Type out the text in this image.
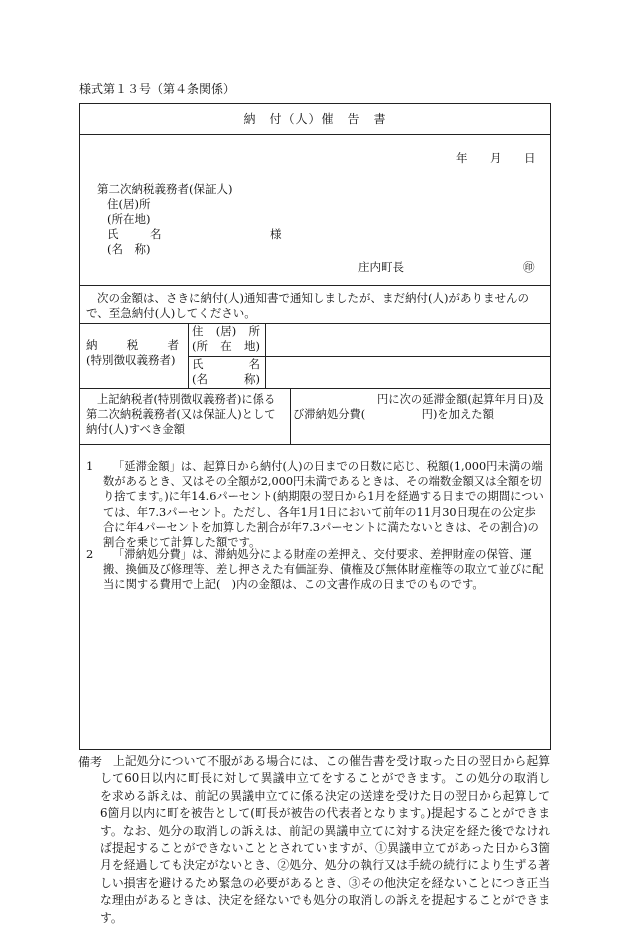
様式第１３号（第４条関係）
納　付（人）催　告　書
年 月 日
第二次納税義務者(保証人)
住(居)所
(所在地)
氏	名	様
(名　称)
庄内町長	㊞
次の金額は、さきに納付(人)通知書で通知しましたが、まだ納付(人)がありませんので、至急納付(人)してください。
納	税	者
(特別徴収義務者)
住 (居) 所
(所 在 地)
氏	名
(名	称)
上記納税者(特別徴収義務者)に係る第二次納税義務者(又は保証人)として納付(人)すべき金額
円に次の延滞金額(起算年月日)及び滞納処分費(　　　　　円)を加えた額
1	「延滞金額」は、起算日から納付(人)の日までの日数に応じ、税額(1,000円未満の端数があるとき、又はその全額が2,000円未満であるときは、その端数金額又は全額を切り捨てます。)に年14.6パーセント(納期限の翌日から1月を経過する日までの期間については、年7.3パーセント。ただし、各年1月1日において前年の11月30日現在の公定歩合に年4パーセントを加算した割合が年7.3パーセントに満たないときは、その割合)の割合を乗じて計算した額です。
2	「滞納処分費」は、滞納処分による財産の差押え、交付要求、差押財産の保管、運搬、換価及び修理等、差し押さえた有価証券、債権及び無体財産権等の取立て並びに配当に関する費用で上記(　)内の金額は、この文書作成の日までのものです。
備考 上記処分について不服がある場合には、この催告書を受け取った日の翌日から起算して60日以内に町長に対して異議申立てをすることができます。この処分の取消しを求める訴えは、前記の異議申立てに係る決定の送達を受けた日の翌日から起算して6箇月以内に町を被告として(町長が被告の代表者となります。)提起することができます。なお、処分の取消しの訴えは、前記の異議申立てに対する決定を経た後でなければ提起することができないこととされていますが、①異議申立てがあった日から3箇月を経過しても決定がないとき、②処分、処分の執行又は手続の続行により生ずる著しい損害を避けるため緊急の必要があるとき、③その他決定を経ないことにつき正当な理由があるときは、決定を経ないでも処分の取消しの訴えを提起することができます。
